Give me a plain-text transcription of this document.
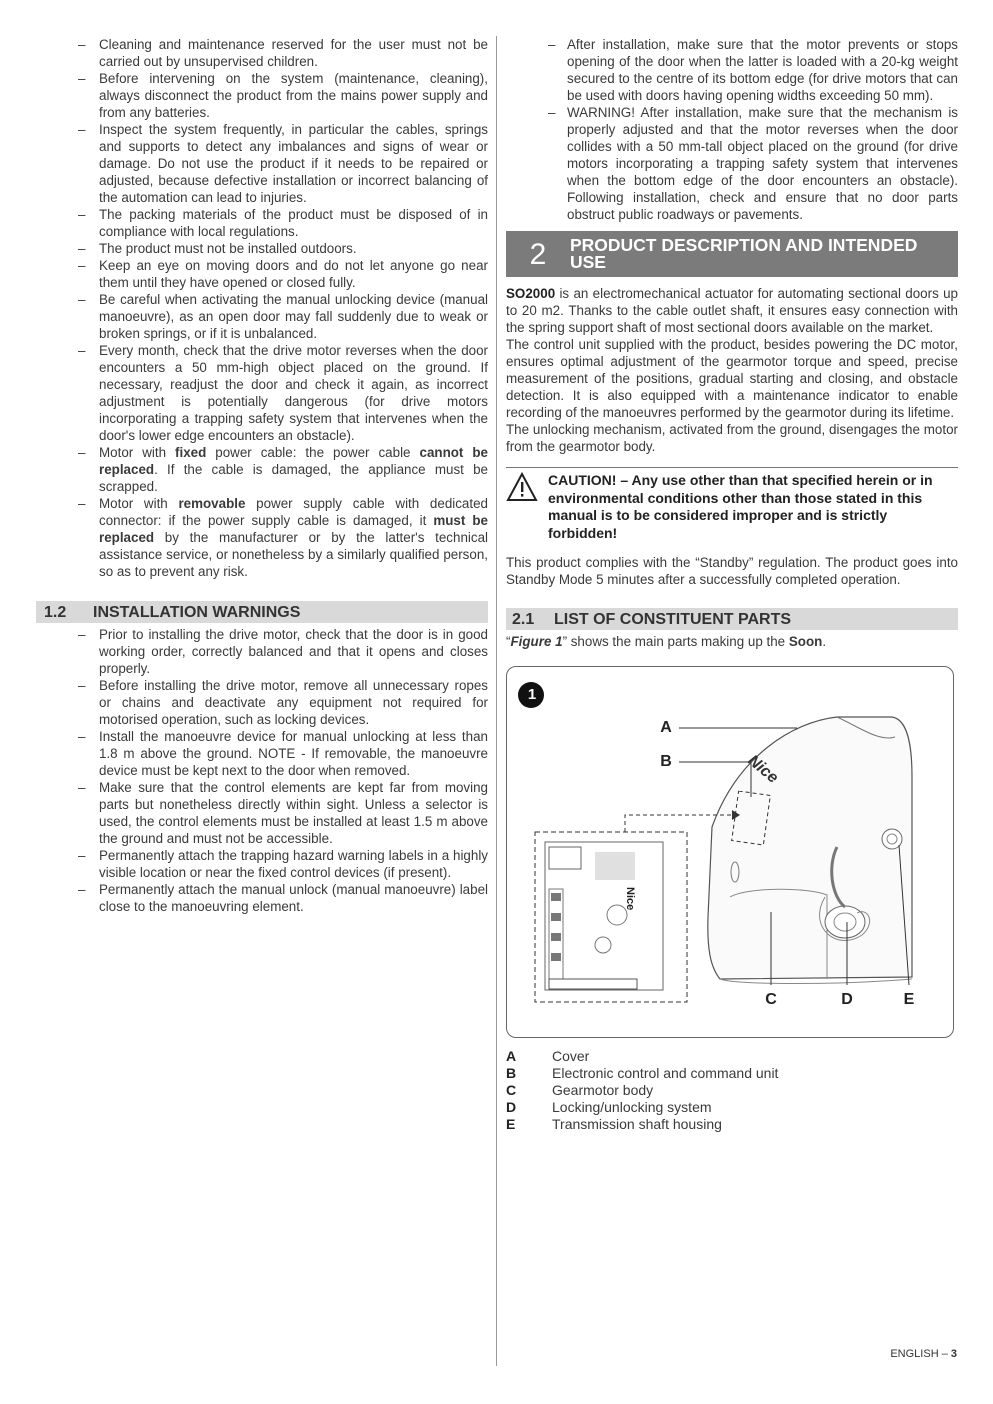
– Cleaning and maintenance reserved for the user must not be carried out by unsupervised children.
– Before intervening on the system (maintenance, cleaning), always disconnect the product from the mains power supply and from any batteries.
– Inspect the system frequently, in particular the cables, springs and supports to detect any imbalances and signs of wear or damage. Do not use the product if it needs to be repaired or adjusted, because defective installation or incorrect balancing of the automation can lead to injuries.
– The packing materials of the product must be disposed of in compliance with local regulations.
– The product must not be installed outdoors.
– Keep an eye on moving doors and do not let anyone go near them until they have opened or closed fully.
– Be careful when activating the manual unlocking device (manual manoeuvre), as an open door may fall suddenly due to weak or broken springs, or if it is unbalanced.
– Every month, check that the drive motor reverses when the door encounters a 50 mm-high object placed on the ground. If necessary, readjust the door and check it again, as incorrect adjustment is potentially dangerous (for drive motors incorporating a trapping safety system that intervenes when the door's lower edge encounters an obstacle).
– Motor with fixed power cable: the power cable cannot be replaced. If the cable is damaged, the appliance must be scrapped.
– Motor with removable power supply cable with dedicated connector: if the power supply cable is damaged, it must be replaced by the manufacturer or by the latter's technical assistance service, or nonetheless by a similarly qualified person, so as to prevent any risk.
1.2	INSTALLATION WARNINGS
– Prior to installing the drive motor, check that the door is in good working order, correctly balanced and that it opens and closes properly.
– Before installing the drive motor, remove all unnecessary ropes or chains and deactivate any equipment not required for motorised operation, such as locking devices.
– Install the manoeuvre device for manual unlocking at less than 1.8 m above the ground. NOTE - If removable, the manoeuvre device must be kept next to the door when removed.
– Make sure that the control elements are kept far from moving parts but nonetheless directly within sight. Unless a selector is used, the control elements must be installed at least 1.5 m above the ground and must not be accessible.
– Permanently attach the trapping hazard warning labels in a highly visible location or near the fixed control devices (if present).
– Permanently attach the manual unlock (manual manoeuvre) label close to the manoeuvring element.
– After installation, make sure that the motor prevents or stops opening of the door when the latter is loaded with a 20-kg weight secured to the centre of its bottom edge (for drive motors that can be used with doors having opening widths exceeding 50 mm).
– WARNING! After installation, make sure that the mechanism is properly adjusted and that the motor reverses when the door collides with a 50 mm-tall object placed on the ground (for drive motors incorporating a trapping safety system that intervenes when the bottom edge of the door encounters an obstacle). Following installation, check and ensure that no door parts obstruct public roadways or pavements.
2	PRODUCT DESCRIPTION AND INTENDED USE

SO2000 is an electromechanical actuator for automating sectional doors up to 20 m2. Thanks to the cable outlet shaft, it ensures easy connection with the spring support shaft of most sectional doors available on the market.

The control unit supplied with the product, besides powering the DC motor, ensures optimal adjustment of the gearmotor torque and speed, precise measurement of the positions, gradual starting and closing, and obstacle detection. It is also equipped with a maintenance indicator to enable recording of the manoeuvres performed by the gearmotor during its lifetime.

The unlocking mechanism, activated from the ground, disengages the motor from the gearmotor body.

CAUTION! – Any use other than that specified herein or in environmental conditions other than those stated in this manual is to be considered improper and is strictly forbidden!

This product complies with the “Standby” regulation. The product goes into Standby Mode 5 minutes after a successfully completed operation.

2.1	LIST OF CONSTITUENT PARTS

“Figure 1” shows the main parts making up the Soon.

Nice
Nice
1
A
B
C	D	E
A	Cover
B	Electronic control and command unit
C	Gearmotor body
D	Locking/unlocking system
E	Transmission shaft housing
ENGLISH – 3
